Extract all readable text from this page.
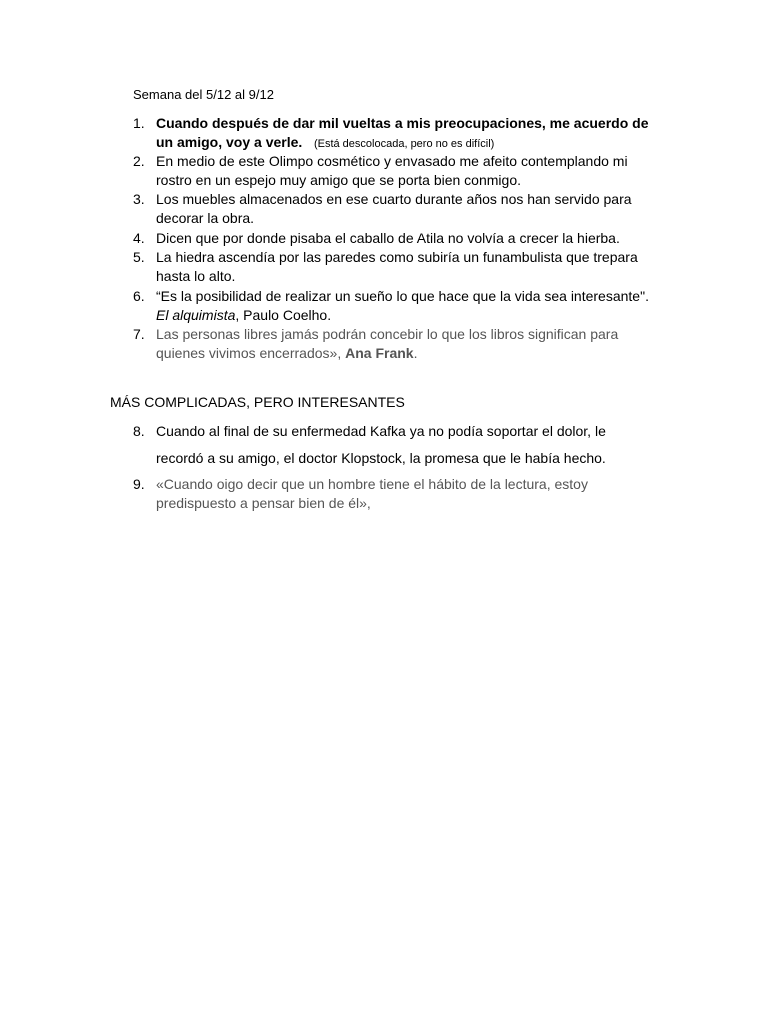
Semana del 5/12 al 9/12
1. Cuando después de dar mil vueltas a mis preocupaciones, me acuerdo de un amigo, voy a verle. (Está descolocada, pero no es difícil)
2. En medio de este Olimpo cosmético y envasado me afeito contemplando mi rostro en un espejo muy amigo que se porta bien conmigo.
3. Los muebles almacenados en ese cuarto durante años nos han servido para decorar la obra.
4. Dicen que por donde pisaba el caballo de Atila no volvía a crecer la hierba.
5. La hiedra ascendía por las paredes como subiría un funambulista que trepara hasta lo alto.
6. “Es la posibilidad de realizar un sueño lo que hace que la vida sea interesante".
El alquimista, Paulo Coelho.
7. Las personas libres jamás podrán concebir lo que los libros significan para quienes vivimos encerrados», Ana Frank.
MÁS COMPLICADAS, PERO INTERESANTES
8. Cuando al final de su enfermedad Kafka ya no podía soportar el dolor, le
recordó a su amigo, el doctor Klopstock, la promesa que le había hecho.
9. «Cuando oigo decir que un hombre tiene el hábito de la lectura, estoy predispuesto a pensar bien de él»,
